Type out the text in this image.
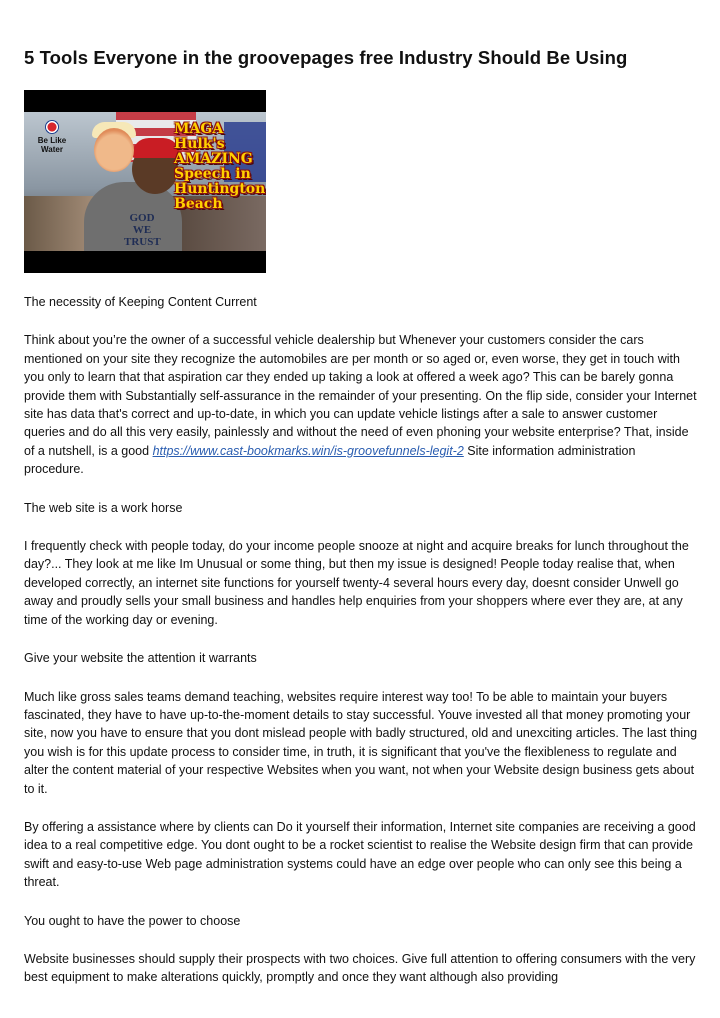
5 Tools Everyone in the groovepages free Industry Should Be Using
GOD
WE TRUST
Be Like Water
MAGA
Hulk's
AMAZING
Speech in
Huntington
Beach

The necessity of Keeping Content Current

Think about you’re the owner of a successful vehicle dealership but Whenever your customers consider the cars mentioned on your site they recognize the automobiles are per month or so aged or, even worse, they get in touch with you only to learn that that aspiration car they ended up taking a look at offered a week ago? This can be barely gonna provide them with Substantially self-assurance in the remainder of your presenting. On the flip side, consider your Internet site has data that's correct and up-to-date, in which you can update vehicle listings after a sale to answer customer queries and do all this very easily, painlessly and without the need of even phoning your website enterprise? That, inside of a nutshell, is a good https://www.cast-bookmarks.win/is-groovefunnels-legit-2 Site information administration procedure.

The web site is a work horse

I frequently check with people today, do your income people snooze at night and acquire breaks for lunch throughout the day?... They look at me like Im Unusual or some thing, but then my issue is designed! People today realise that, when developed correctly, an internet site functions for yourself twenty-4 several hours every day, doesnt consider Unwell go away and proudly sells your small business and handles help enquiries from your shoppers where ever they are, at any time of the working day or evening.

Give your website the attention it warrants

Much like gross sales teams demand teaching, websites require interest way too! To be able to maintain your buyers fascinated, they have to have up-to-the-moment details to stay successful. Youve invested all that money promoting your site, now you have to ensure that you dont mislead people with badly structured, old and unexciting articles. The last thing you wish is for this update process to consider time, in truth, it is significant that you've the flexibleness to regulate and alter the content material of your respective Websites when you want, not when your Website design business gets about to it.

By offering a assistance where by clients can Do it yourself their information, Internet site companies are receiving a good idea to a real competitive edge. You dont ought to be a rocket scientist to realise the Website design firm that can provide swift and easy-to-use Web page administration systems could have an edge over people who can only see this being a threat.

You ought to have the power to choose

Website businesses should supply their prospects with two choices. Give full attention to offering consumers with the very best equipment to make alterations quickly, promptly and once they want although also providing
